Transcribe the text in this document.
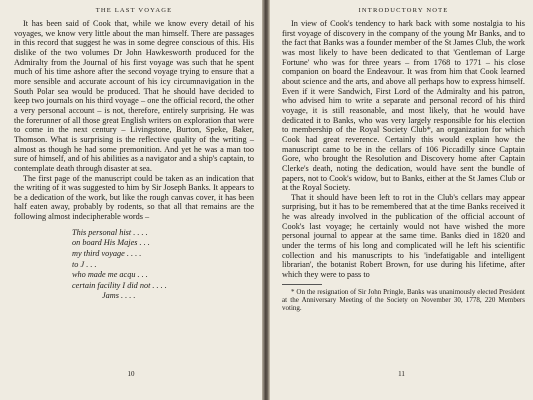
THE LAST VOYAGE

It has been said of Cook that, while we know every detail of his voyages, we know very little about the man himself. There are passages in this record that suggest he was in some degree conscious of this. His dislike of the two volumes Dr John Hawkesworth produced for the Admiralty from the Journal of his first voyage was such that he spent much of his time ashore after the second voyage trying to ensure that a more sensible and accurate account of his icy circumnavigation in the South Polar sea would be produced. That he should have decided to keep two journals on his third voyage – one the official record, the other a very personal account – is not, therefore, entirely surprising. He was the forerunner of all those great English writers on exploration that were to come in the next century – Livingstone, Burton, Speke, Baker, Thomson. What is surprising is the reflective quality of the writing – almost as though he had some premonition. And yet he was a man too sure of himself, and of his abilities as a navigator and a ship's captain, to contemplate death through disaster at sea.

The first page of the manuscript could be taken as an indication that the writing of it was suggested to him by Sir Joseph Banks. It appears to be a dedication of the work, but like the rough canvas cover, it has been half eaten away, probably by rodents, so that all that remains are the following almost indecipherable words –

This personal hist . . . .
on board His Majes . . .
my third voyage . . . .
to J . . .
who made me acqu . . .
certain facility I did not . . . .
Jams . . . .
10
INTRODUCTORY NOTE

In view of Cook's tendency to hark back with some nostalgia to his first voyage of discovery in the company of the young Mr Banks, and to the fact that Banks was a founder member of the St James Club, the work was most likely to have been dedicated to that 'Gentleman of Large Fortune' who was for three years – from 1768 to 1771 – his close companion on board the Endeavour. It was from him that Cook learned about science and the arts, and above all perhaps how to express himself. Even if it were Sandwich, First Lord of the Admiralty and his patron, who advised him to write a separate and personal record of his third voyage, it is still reasonable, and most likely, that he would have dedicated it to Banks, who was very largely responsible for his election to membership of the Royal Society Club*, an organization for which Cook had great reverence. Certainly this would explain how the manuscript came to be in the cellars of 106 Piccadilly since Captain Gore, who brought the Resolution and Discovery home after Captain Clerke's death, noting the dedication, would have sent the bundle of papers, not to Cook's widow, but to Banks, either at the St James Club or at the Royal Society.

That it should have been left to rot in the Club's cellars may appear surprising, but it has to be remembered that at the time Banks received it he was already involved in the publication of the official account of Cook's last voyage; he certainly would not have wished the more personal journal to appear at the same time. Banks died in 1820 and under the terms of his long and complicated will he left his scientific collection and his manuscripts to his 'indefatigable and intelligent librarian', the botanist Robert Brown, for use during his lifetime, after which they were to pass to

* On the resignation of Sir John Pringle, Banks was unanimously elected President at the Anniversary Meeting of the Society on November 30, 1778, 220 Members voting.

11
